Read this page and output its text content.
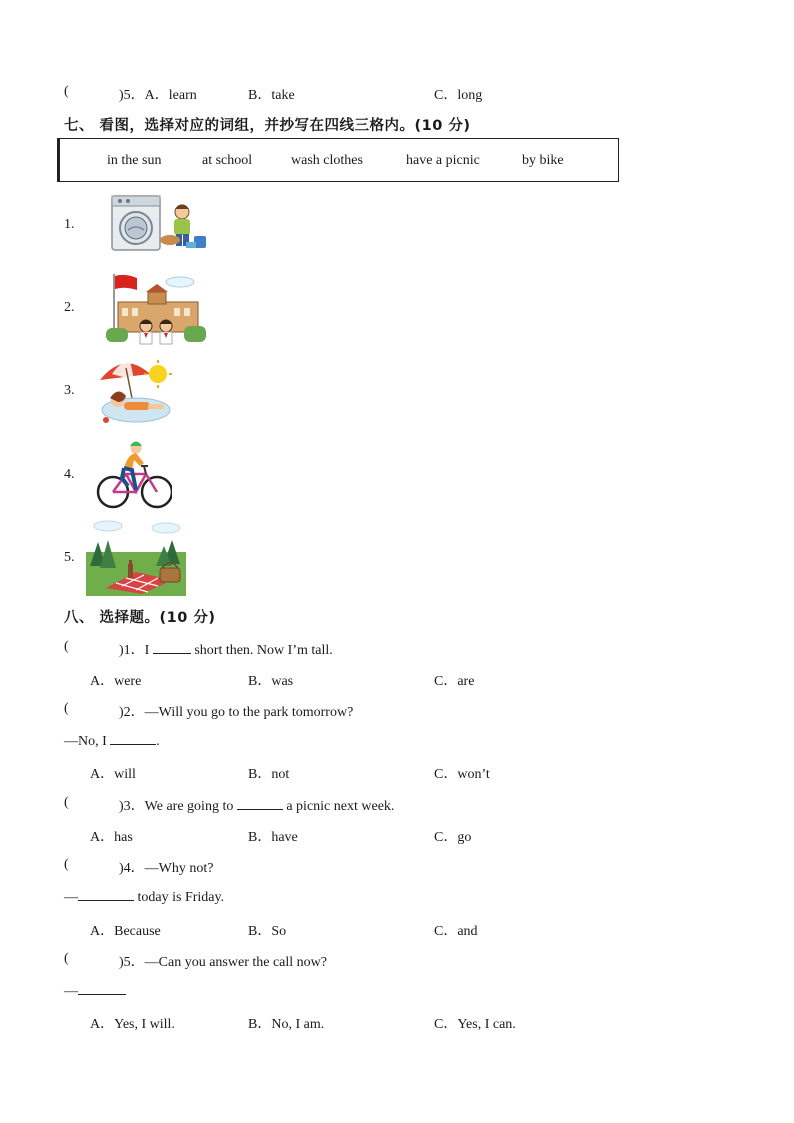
(	)5．A．learn	B．take	C．long
七、 看图，选择对应的词组，并抄写在四线三格内。(10 分)
in the sun	at school	wash clothes	have a picnic	by bike
1.
2.
3.
4.
5.
八、 选择题。(10 分)
(	)1．I	short then. Now I’m tall.
A．were	B．was	C．are
(	)2．—Will you go to the park tomorrow?
—No, I	.
A．will	B．not	C．won’t
(	)3．We are going to	a picnic next week.
A．has	B．have	C．go
(	)4．—Why not?
—	today is Friday.
A．Because	B．So	C．and
(	)5．—Can you answer the call now?
—
A．Yes, I will.	B．No, I am.	C．Yes, I can.
